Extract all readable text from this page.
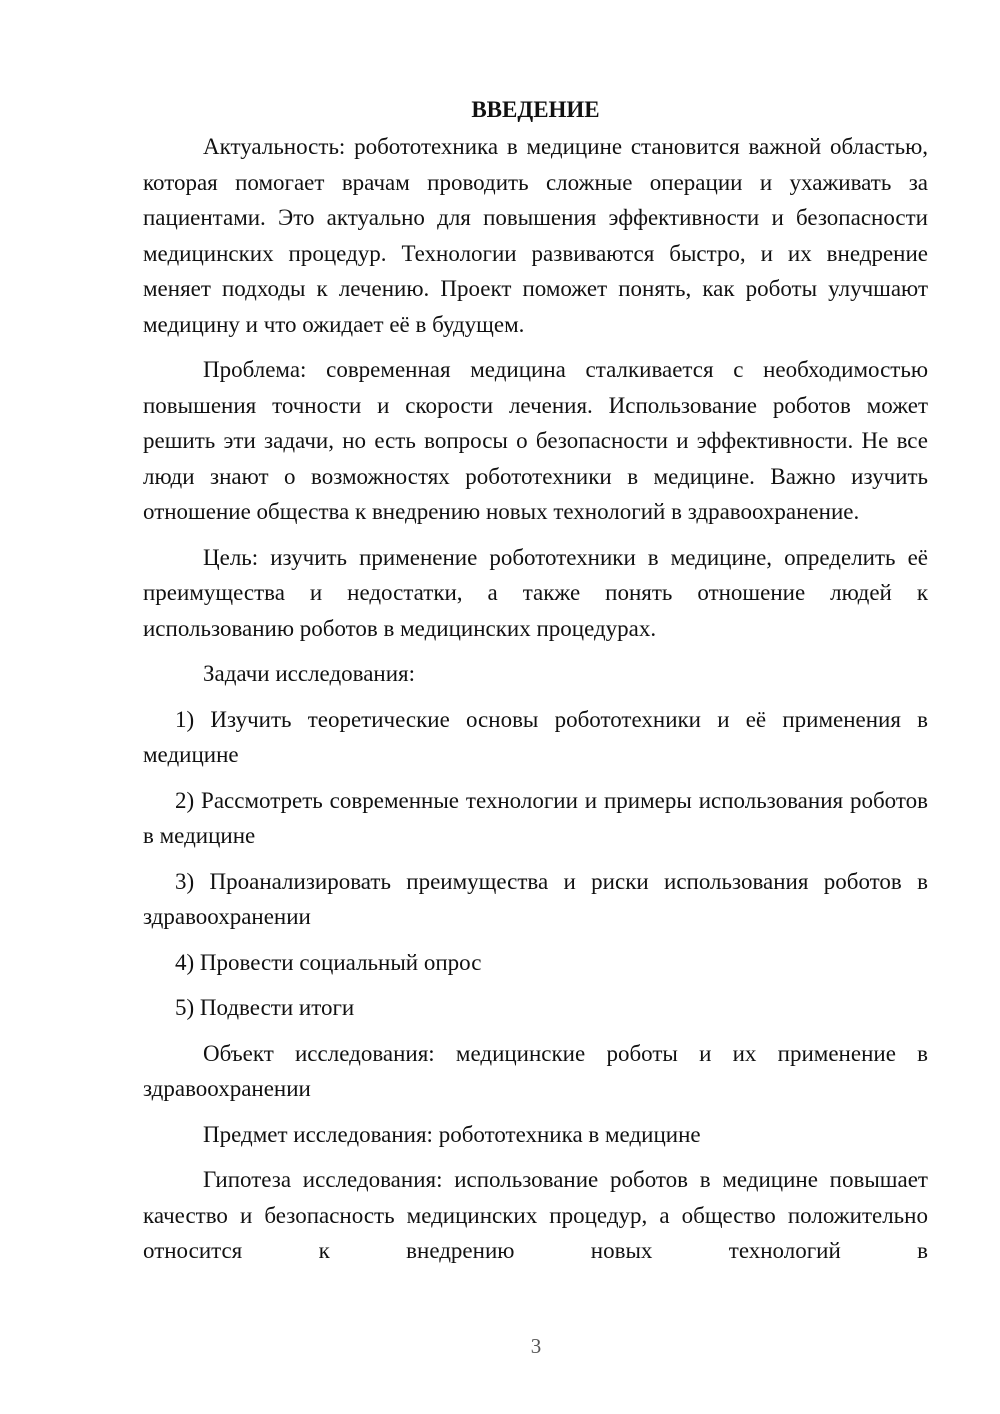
ВВЕДЕНИЕ

Актуальность: робототехника в медицине становится важной областью, которая помогает врачам проводить сложные операции и ухаживать за пациентами. Это актуально для повышения эффективности и безопасности медицинских процедур. Технологии развиваются быстро, и их внедрение меняет подходы к лечению. Проект поможет понять, как роботы улучшают медицину и что ожидает её в будущем.

Проблема: современная медицина сталкивается с необходимостью повышения точности и скорости лечения. Использование роботов может решить эти задачи, но есть вопросы о безопасности и эффективности. Не все люди знают о возможностях робототехники в медицине. Важно изучить отношение общества к внедрению новых технологий в здравоохранение.

Цель: изучить применение робототехники в медицине, определить её преимущества и недостатки, а также понять отношение людей к использованию роботов в медицинских процедурах.

Задачи исследования:

1) Изучить теоретические основы робототехники и её применения в медицине

2) Рассмотреть современные технологии и примеры использования роботов в медицине

3) Проанализировать преимущества и риски использования роботов в здравоохранении

4) Провести социальный опрос

5) Подвести итоги

Объект исследования: медицинские роботы и их применение в здравоохранении

Предмет исследования: робототехника в медицине

Гипотеза исследования: использование роботов в медицине повышает качество и безопасность медицинских процедур, а общество положительно относится к внедрению новых технологий в

3
